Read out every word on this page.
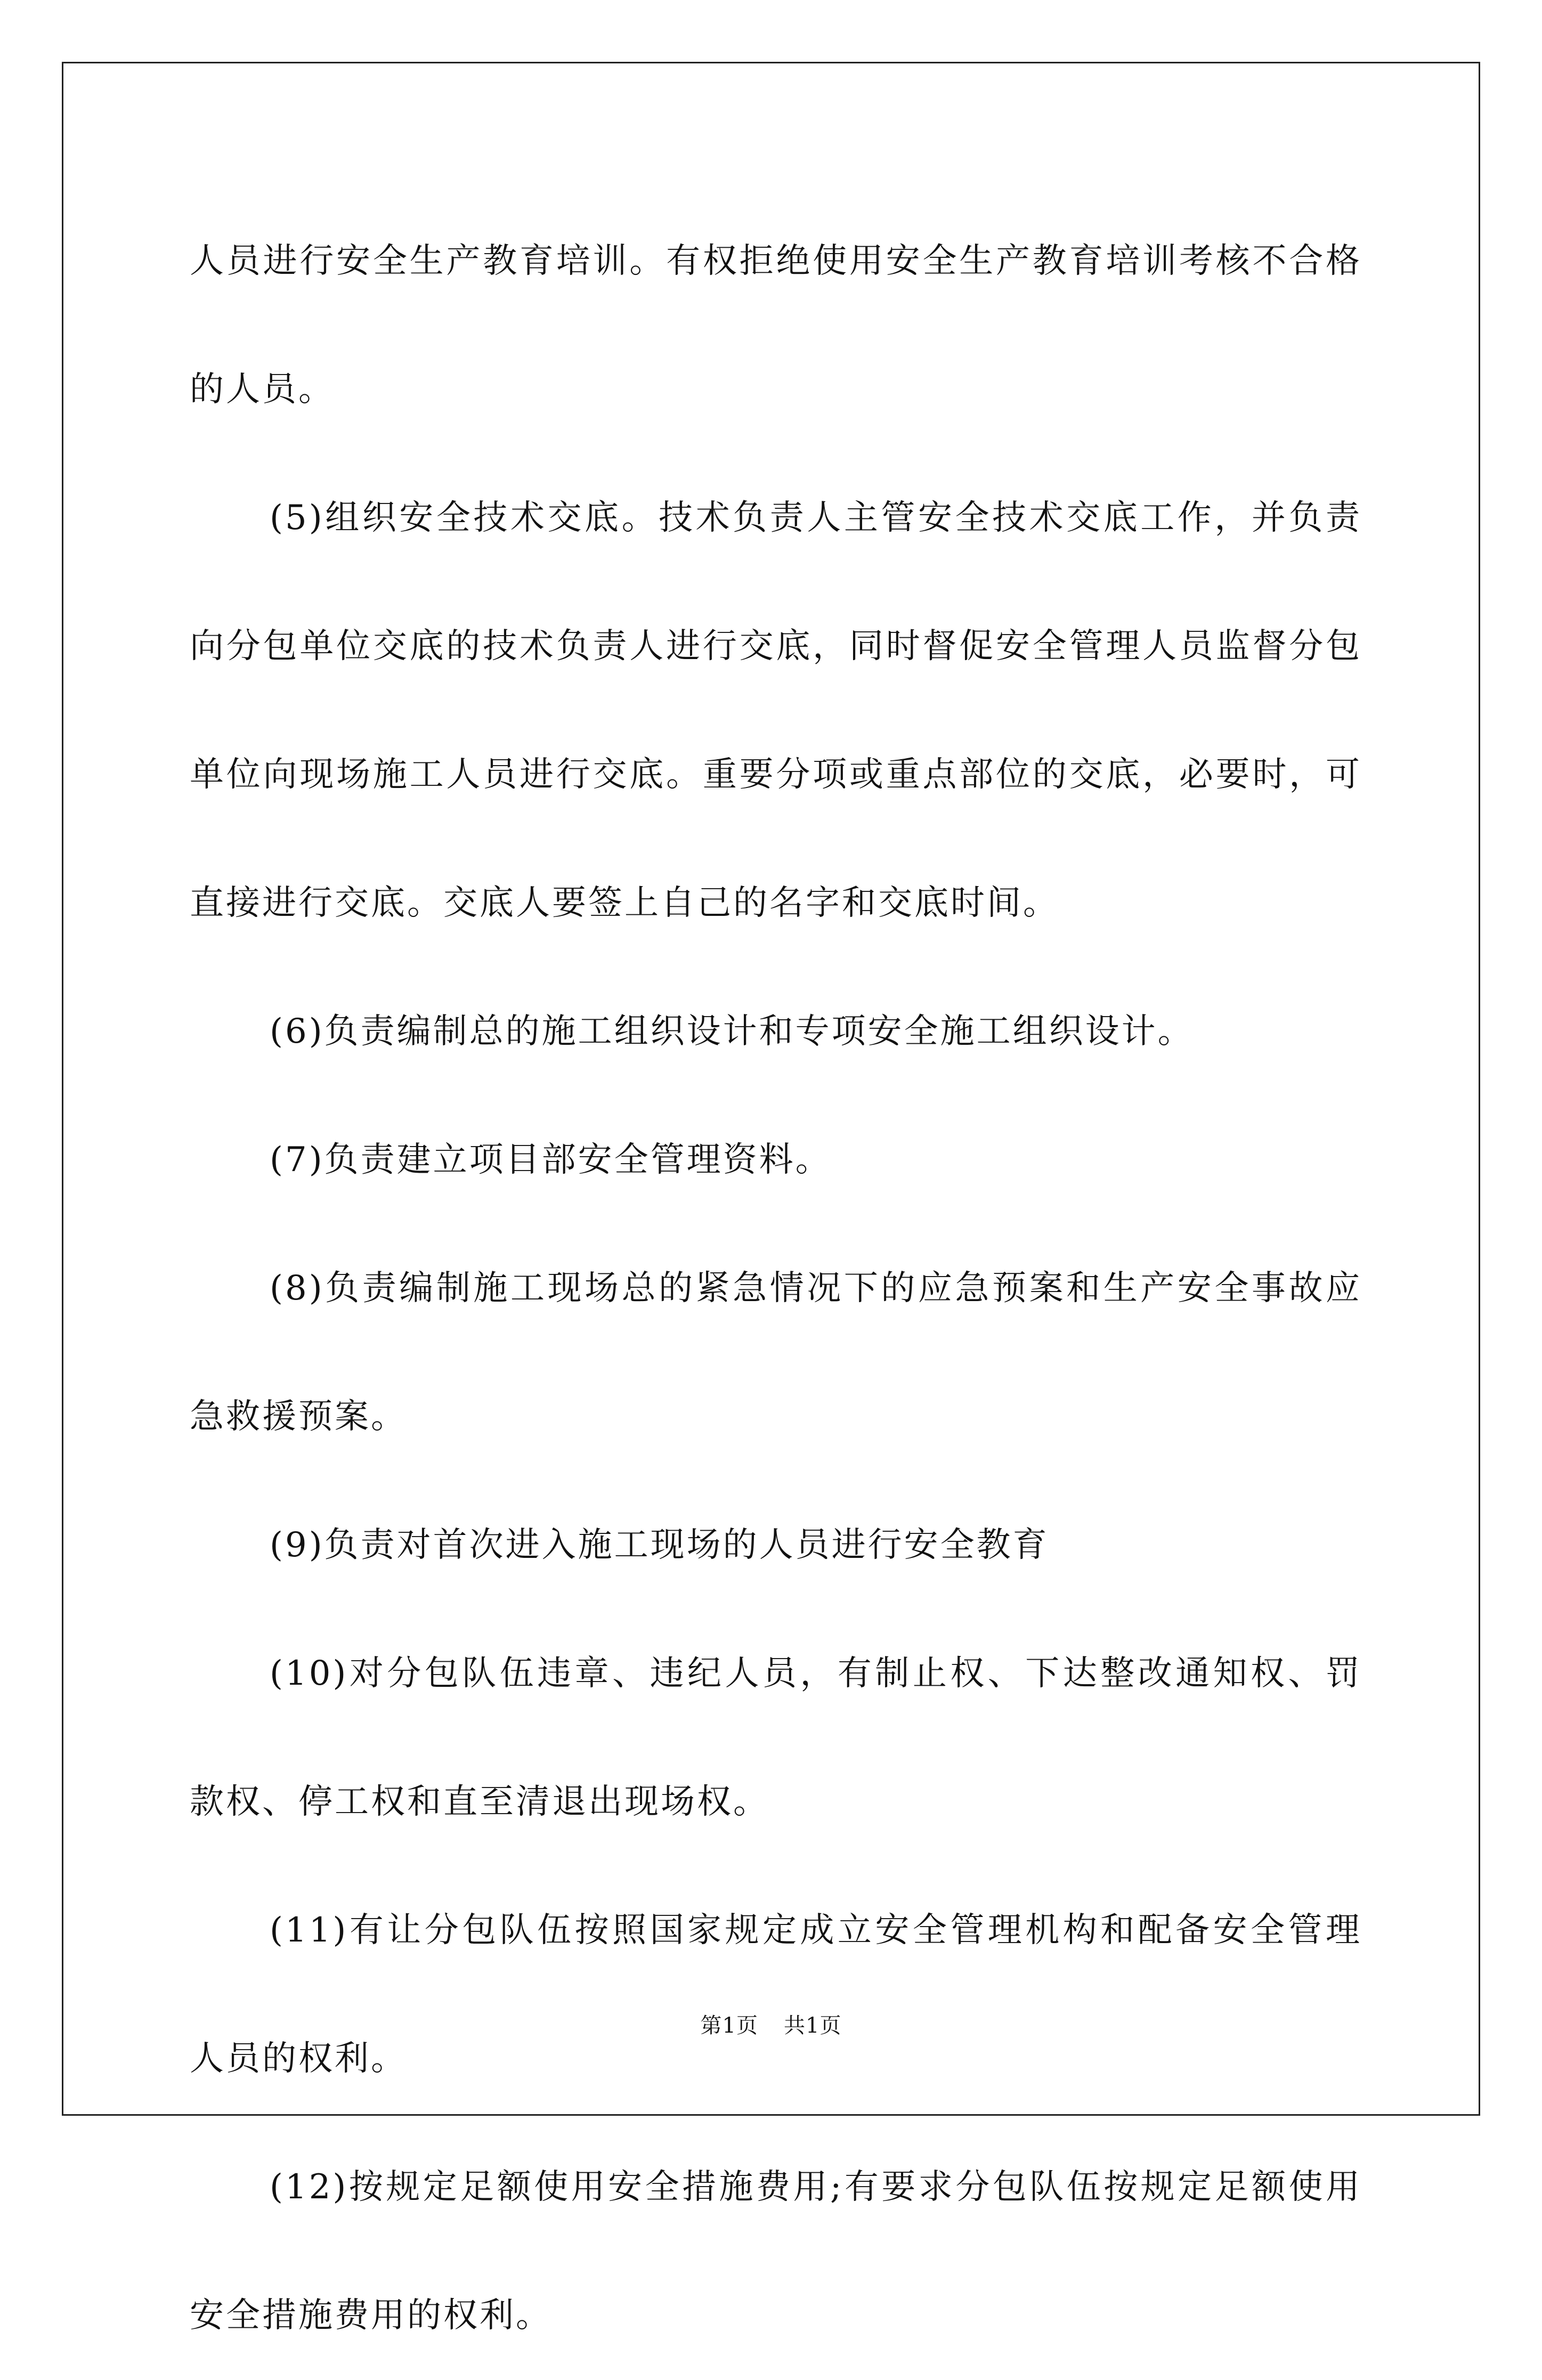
人员进行安全生产教育培训。有权拒绝使用安全生产教育培训考核不合格的人员。

(5)组织安全技术交底。技术负责人主管安全技术交底工作，并负责向分包单位交底的技术负责人进行交底，同时督促安全管理人员监督分包单位向现场施工人员进行交底。重要分项或重点部位的交底，必要时，可直接进行交底。交底人要签上自己的名字和交底时间。

(6)负责编制总的施工组织设计和专项安全施工组织设计。

(7)负责建立项目部安全管理资料。

(8)负责编制施工现场总的紧急情况下的应急预案和生产安全事故应急救援预案。

(9)负责对首次进入施工现场的人员进行安全教育

(10)对分包队伍违章、违纪人员，有制止权、下达整改通知权、罚款权、停工权和直至清退出现场权。

(11)有让分包队伍按照国家规定成立安全管理机构和配备安全管理人员的权利。

(12)按规定足额使用安全措施费用;有要求分包队伍按规定足额使用安全措施费用的权利。

第1页 共1页
